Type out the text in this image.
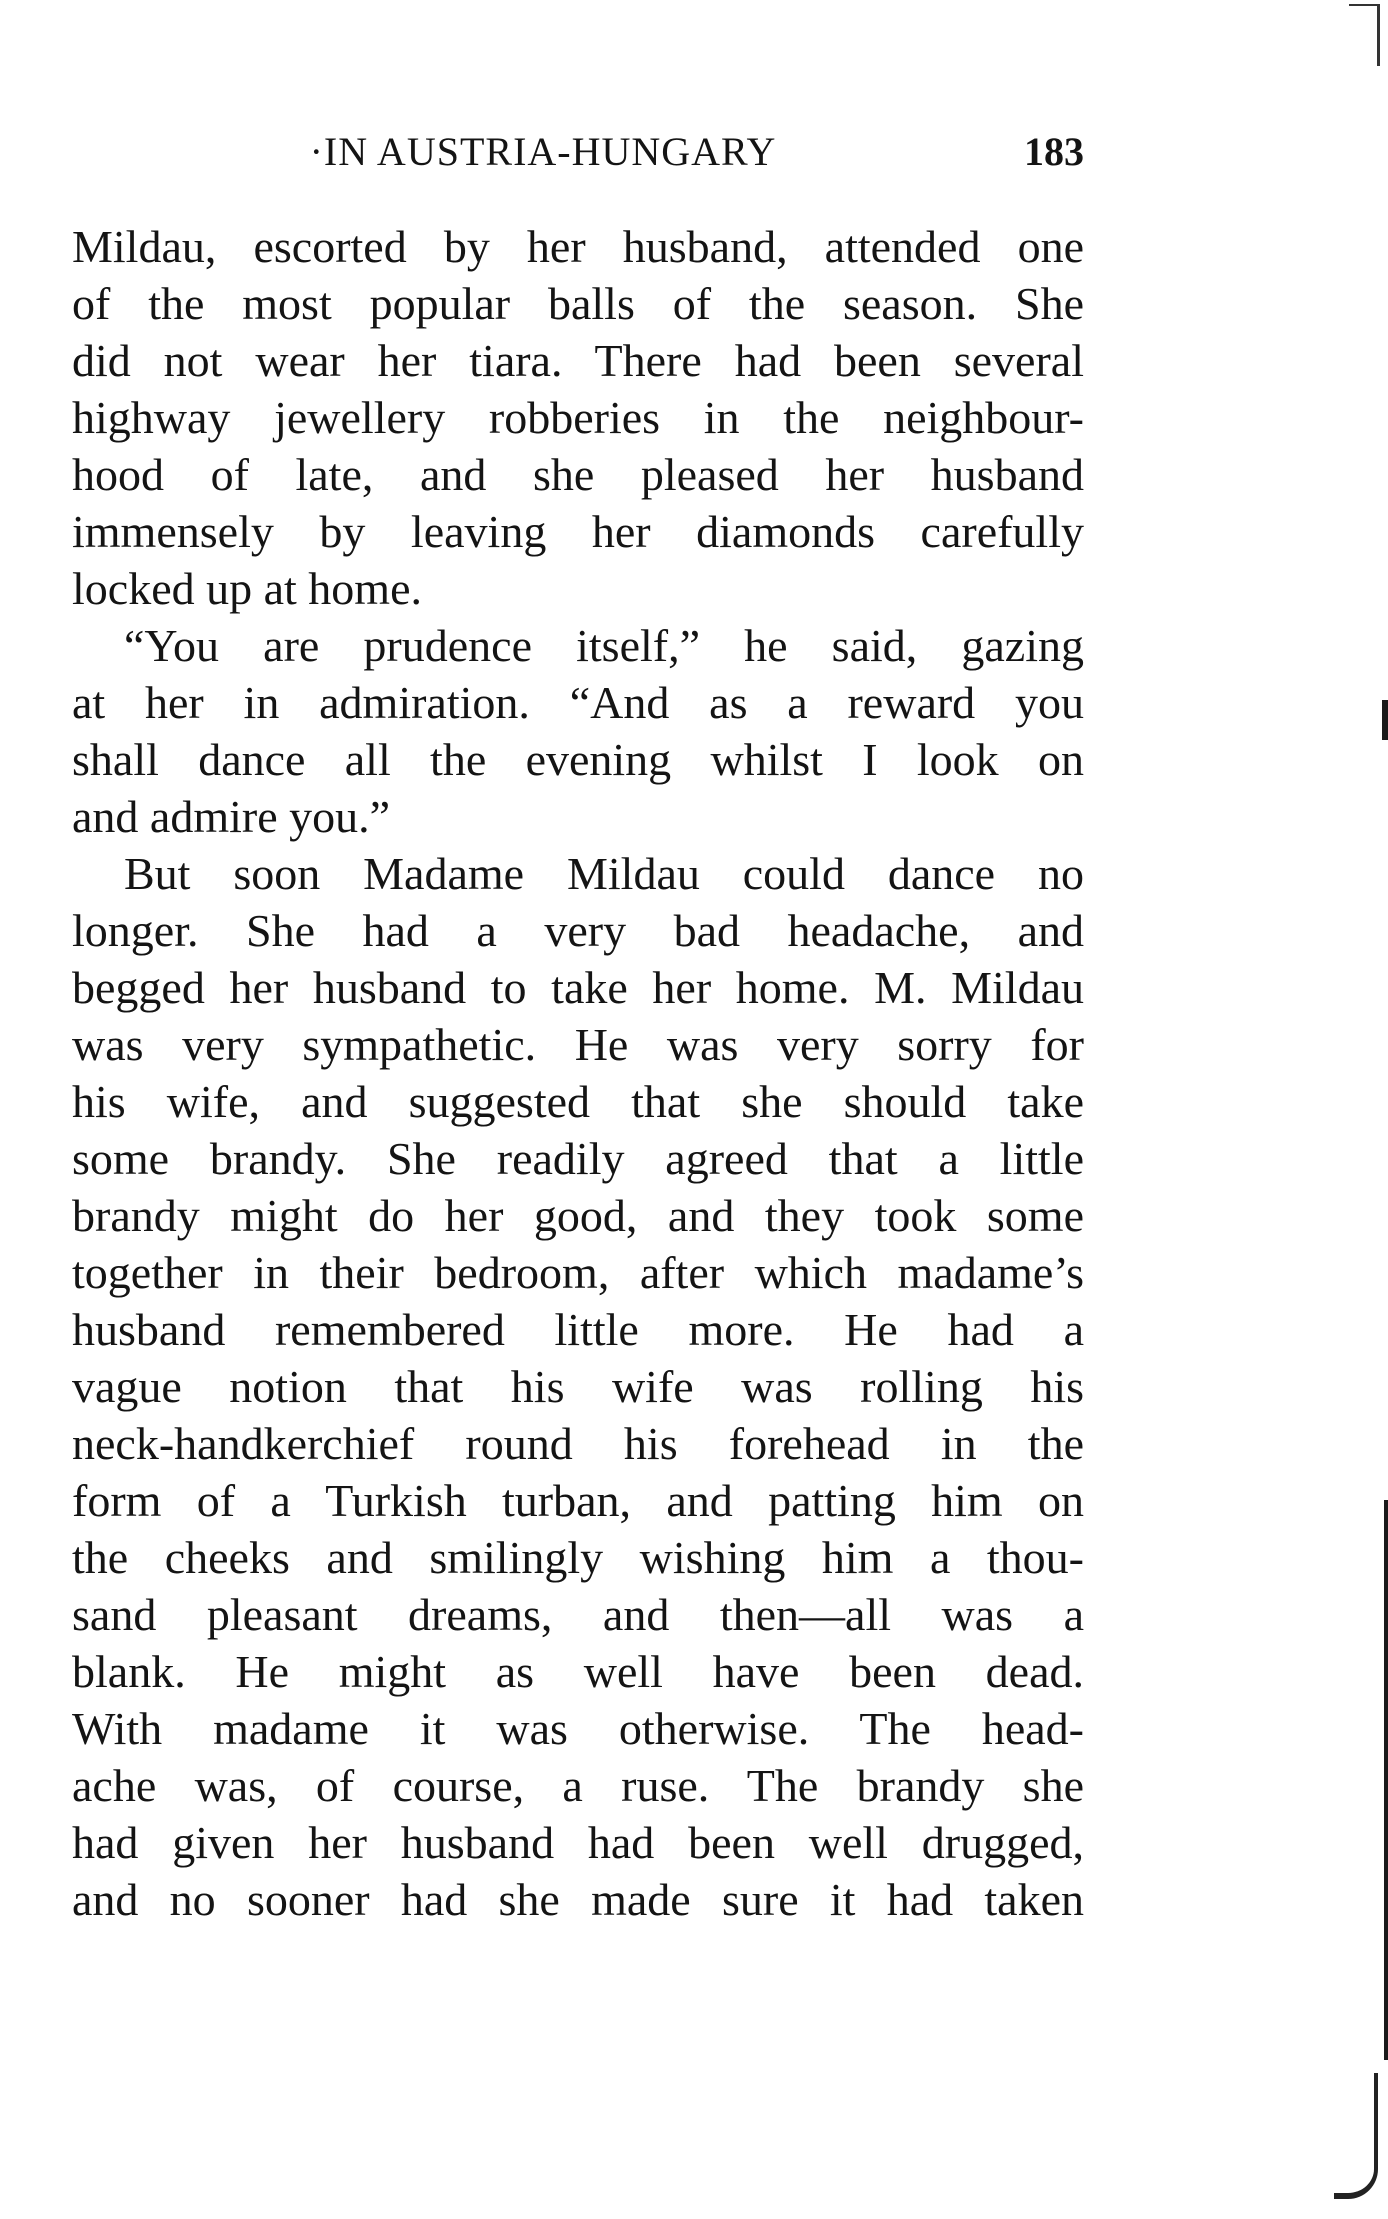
·IN AUSTRIA-HUNGARY	183
Mildau, escorted by her husband, attended one
of the most popular balls of the season. She
did not wear her tiara. There had been several
highway jewellery robberies in the neighbour-
hood of late, and she pleased her husband
immensely by leaving her diamonds carefully
locked up at home.
“You are prudence itself,” he said, gazing
at her in admiration. “And as a reward you
shall dance all the evening whilst I look on
and admire you.”
But soon Madame Mildau could dance no
longer. She had a very bad headache, and
begged her husband to take her home. M. Mildau
was very sympathetic. He was very sorry for
his wife, and suggested that she should take
some brandy. She readily agreed that a little
brandy might do her good, and they took some
together in their bedroom, after which madame’s
husband remembered little more. He had a
vague notion that his wife was rolling his
neck-handkerchief round his forehead in the
form of a Turkish turban, and patting him on
the cheeks and smilingly wishing him a thou-
sand pleasant dreams, and then—all was a
blank. He might as well have been dead.
With madame it was otherwise. The head-
ache was, of course, a ruse. The brandy she
had given her husband had been well drugged,
and no sooner had she made sure it had taken
